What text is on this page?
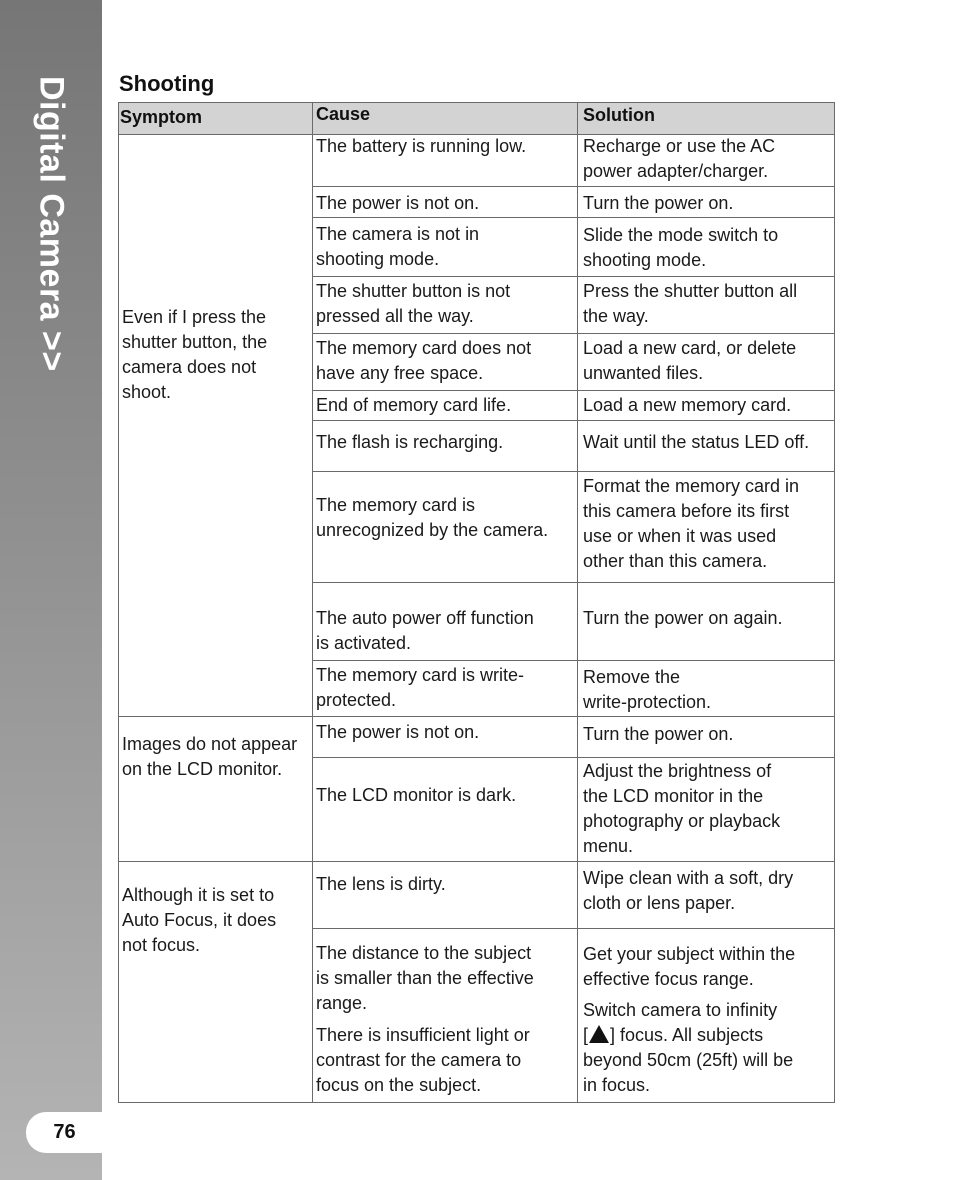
Digital Camera >>
76
Shooting
Symptom	Cause	Solution
Even if I press the
shutter button, the
camera does not
shoot.
Images do not appear
on the LCD monitor.
Although it is set to
Auto Focus, it does
not focus.
The battery is running low.
The power is not on.
The camera is not in
shooting mode.
The shutter button is not
pressed all the way.
The memory card does not
have any free space.
End of memory card life.
The flash is recharging.
The memory card is
unrecognized by the camera.
The auto power off function
is activated.
The memory card is write-
protected.
The power is not on.
The LCD monitor is dark.
The lens is dirty.
The distance to the subject
is smaller than the effective
range.
There is insufficient light or
contrast for the camera to
focus on the subject.
Recharge or use the AC
power adapter/charger.
Turn the power on.
Slide the mode switch to
shooting mode.
Press the shutter button all
the way.
Load a new card, or delete
unwanted files.
Load a new memory card.
Wait until the status LED off.
Format the memory card in
this camera before its first
use or when it was used
other than this camera.
Turn the power on again.
Remove the
write-protection.
Turn the power on.
Adjust the brightness of
the LCD monitor in the
photography or playback
menu.
Wipe clean with a soft, dry
cloth or lens paper.
Get your subject within the
effective focus range.
Switch camera to infinity
[ ] focus. All subjects
beyond 50cm (25ft) will be
in focus.
